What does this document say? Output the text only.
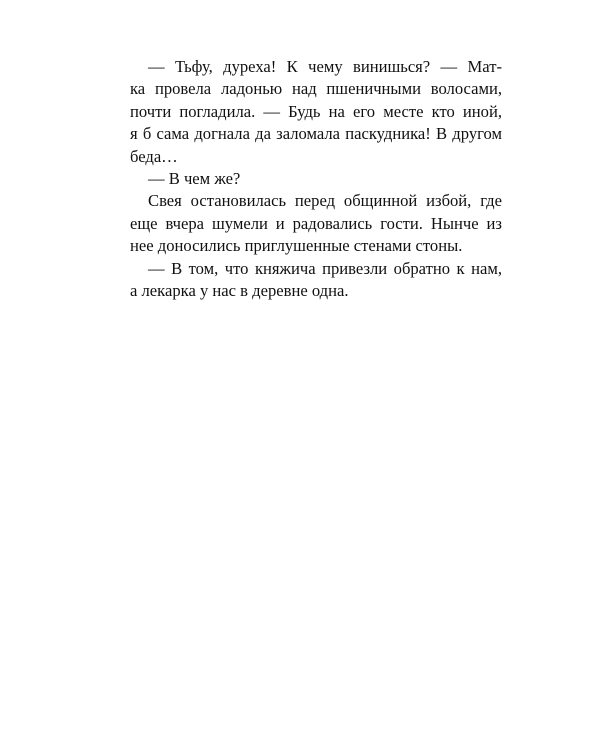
— Тьфу, дуреха! К чему винишься? — Мат-
ка провела ладонью над пшеничными волосами,
почти погладила. — Будь на его месте кто иной,
я б сама догнала да заломала паскудника! В другом
беда…
— В чем же?
Свея остановилась перед общинной избой, где
еще вчера шумели и радовались гости. Нынче из
нее доносились приглушенные стенами стоны.
— В том, что княжича привезли обратно к нам,
а лекарка у нас в деревне одна.
